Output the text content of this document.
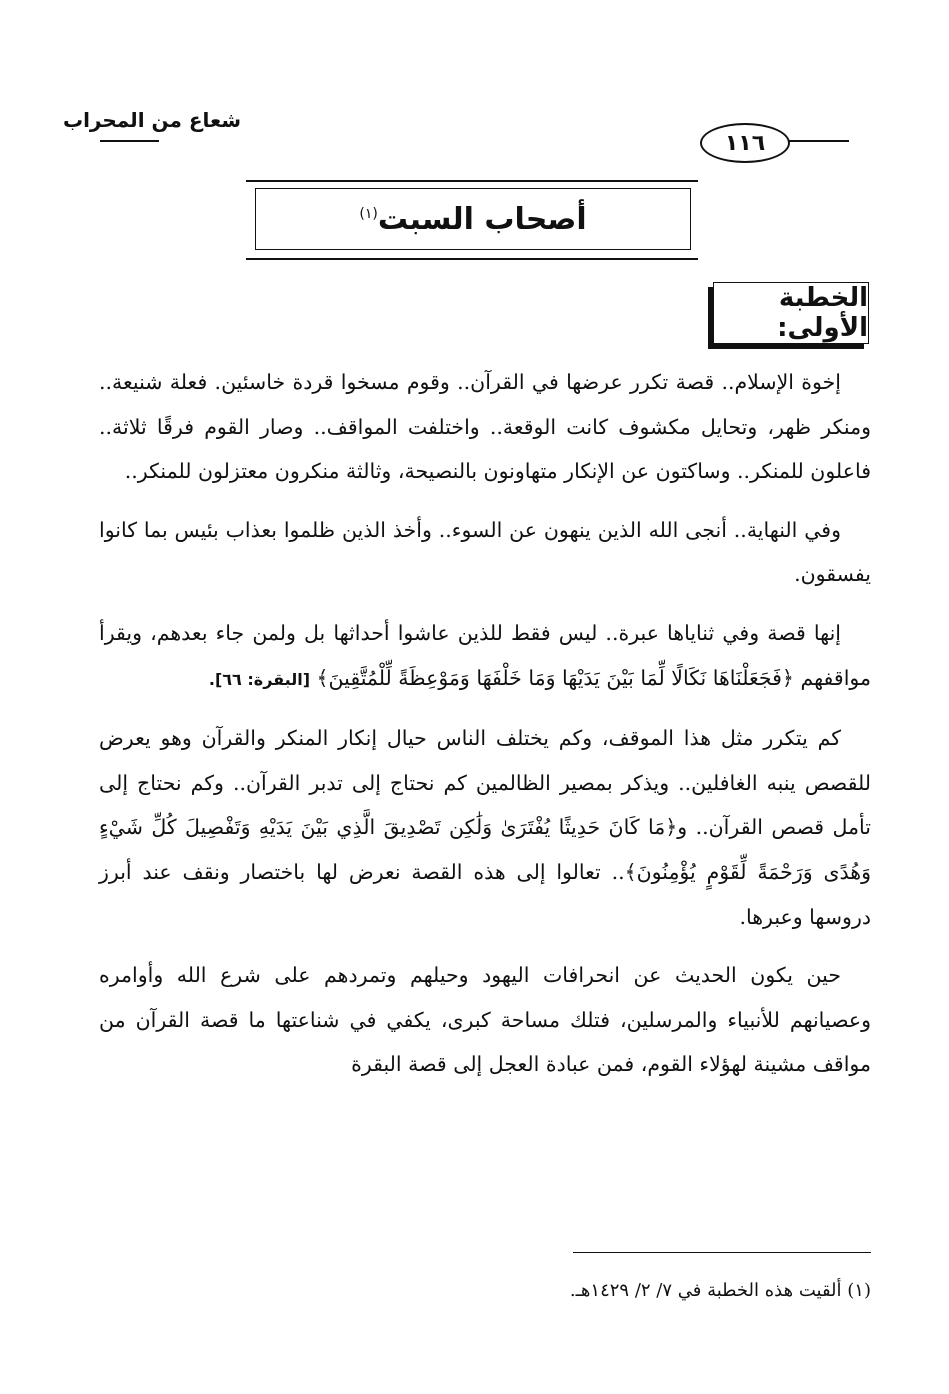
شعاع من المحراب
١١٦
أصحاب السبت$^{(١)}$
الخطبة الأولى:

إخوة الإسلام.. قصة تكرر عرضها في القرآن.. وقوم مسخوا قردة خاسئين. فعلة شنيعة.. ومنكر ظهر، وتحايل مكشوف كانت الوقعة.. واختلفت المواقف.. وصار القوم فرقًا ثلاثة.. فاعلون للمنكر.. وساكتون عن الإنكار متهاونون بالنصيحة، وثالثة منكرون معتزلون للمنكر..

وفي النهاية.. أنجى الله الذين ينهون عن السوء.. وأخذ الذين ظلموا بعذاب بئيس بما كانوا يفسقون.

إنها قصة وفي ثناياها عبرة.. ليس فقط للذين عاشوا أحداثها بل ولمن جاء بعدهم، ويقرأ مواقفهم ﴿فَجَعَلْنَاهَا نَكَالًا لِّمَا بَيْنَ يَدَيْهَا وَمَا خَلْفَهَا وَمَوْعِظَةً لِّلْمُتَّقِينَ﴾ [البقرة: ٦٦].

كم يتكرر مثل هذا الموقف، وكم يختلف الناس حيال إنكار المنكر والقرآن وهو يعرض للقصص ينبه الغافلين.. ويذكر بمصير الظالمين كم نحتاج إلى تدبر القرآن.. وكم نحتاج إلى تأمل قصص القرآن.. و﴿مَا كَانَ حَدِيثًا يُفْتَرَىٰ وَلَٰكِن تَصْدِيقَ الَّذِي بَيْنَ يَدَيْهِ وَتَفْصِيلَ كُلِّ شَيْءٍ وَهُدًى وَرَحْمَةً لِّقَوْمٍ يُؤْمِنُونَ﴾.. تعالوا إلى هذه القصة نعرض لها باختصار ونقف عند أبرز دروسها وعبرها.

حين يكون الحديث عن انحرافات اليهود وحيلهم وتمردهم على شرع الله وأوامره وعصيانهم للأنبياء والمرسلين، فتلك مساحة كبرى، يكفي في شناعتها ما قصة القرآن من مواقف مشينة لهؤلاء القوم، فمن عبادة العجل إلى قصة البقرة

(١) ألقيت هذه الخطبة في ٧/ ٢/ ١٤٢٩هـ.
